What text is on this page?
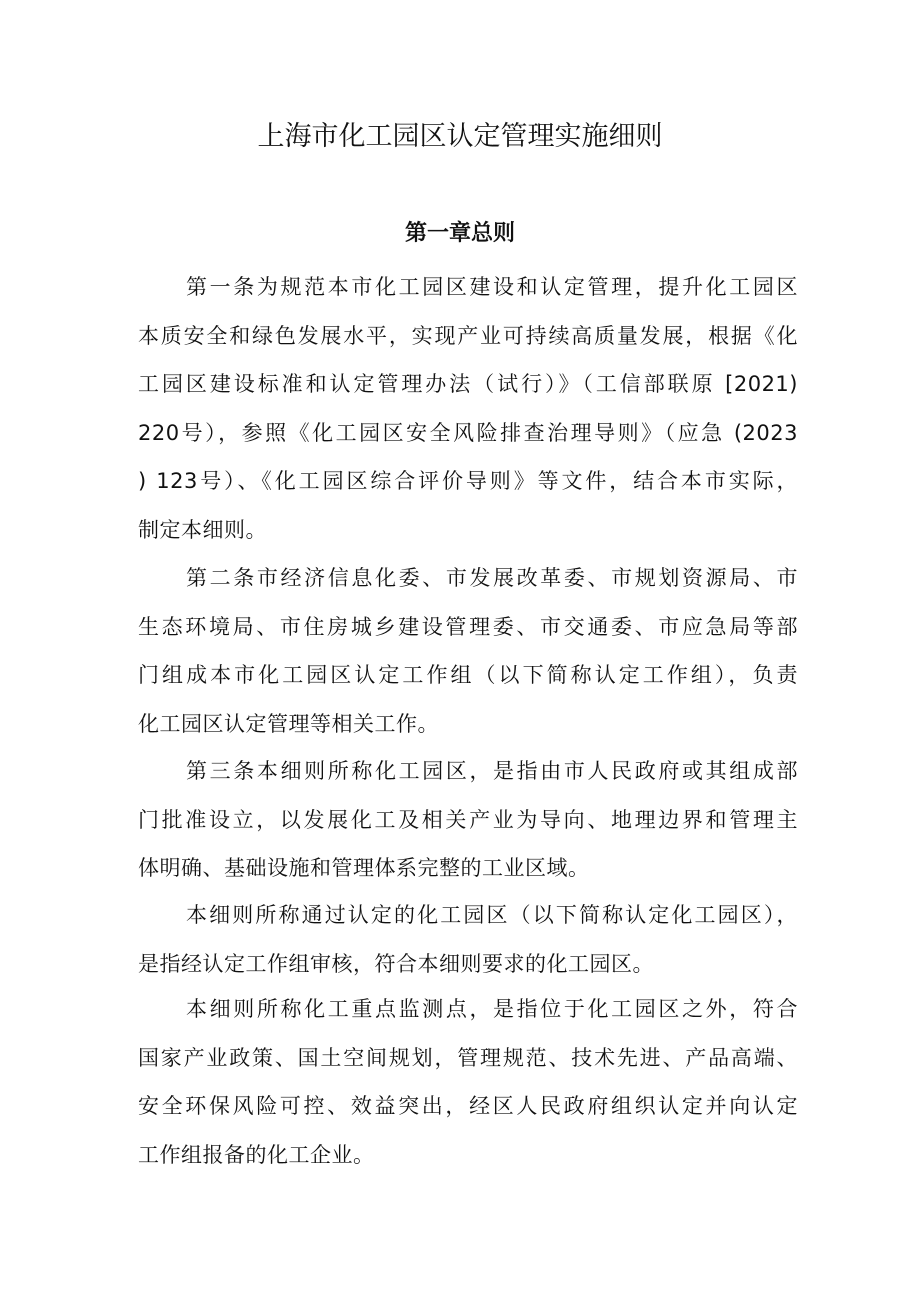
上海市化工园区认定管理实施细则
第一章总则
第一条为规范本市化工园区建设和认定管理，提升化工园区
本质安全和绿色发展水平，实现产业可持续高质量发展，根据《化
工园区建设标准和认定管理办法（试行）》（工信部联原 [2021)
220号），参照《化工园区安全风险排查治理导则》（应急 (2023
) 123号）、《化工园区综合评价导则》等文件，结合本市实际，
制定本细则。
第二条市经济信息化委、市发展改革委、市规划资源局、市
生态环境局、市住房城乡建设管理委、市交通委、市应急局等部
门组成本市化工园区认定工作组（以下简称认定工作组），负责
化工园区认定管理等相关工作。
第三条本细则所称化工园区，是指由市人民政府或其组成部
门批准设立，以发展化工及相关产业为导向、地理边界和管理主
体明确、基础设施和管理体系完整的工业区域。
本细则所称通过认定的化工园区（以下简称认定化工园区），
是指经认定工作组审核，符合本细则要求的化工园区。
本细则所称化工重点监测点，是指位于化工园区之外，符合
国家产业政策、国土空间规划，管理规范、技术先进、产品高端、
安全环保风险可控、效益突出，经区人民政府组织认定并向认定
工作组报备的化工企业。
